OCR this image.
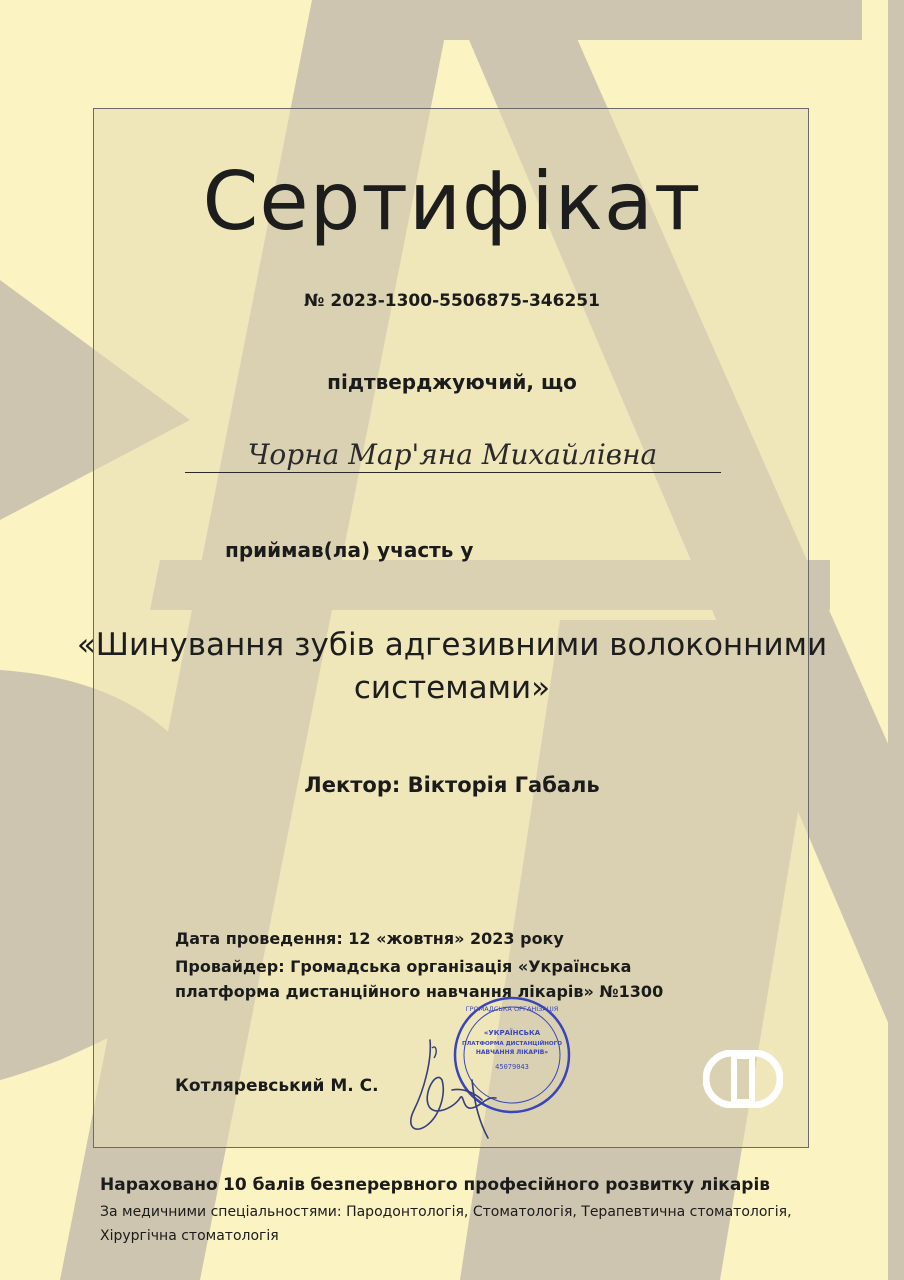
Сертифікат

№ 2023-1300-5506875-346251

підтверджуючий, що

Чорна Мар'яна Михайлівна

приймав(ла) участь у

«Шинування зубів адгезивними волоконними системами»

Лектор: Вікторія Габаль

Дата проведення: 12 «жовтня» 2023 року

Провайдер: Громадська організація «Українська платформа дистанційного навчання лікарів» №1300

Котляревський М. С.

ГРОМАДСЬКА ОРГАНІЗАЦІЯ
«УКРАЇНСЬКА
ПЛАТФОРМА ДИСТАНЦІЙНОГО
НАВЧАННЯ ЛІКАРІВ»
45079043

Нараховано 10 балів безперервного професійного розвитку лікарів

За медичними спеціальностями: Пародонтологія, Стоматологія, Терапевтична стоматологія, Хірургічна стоматологія
